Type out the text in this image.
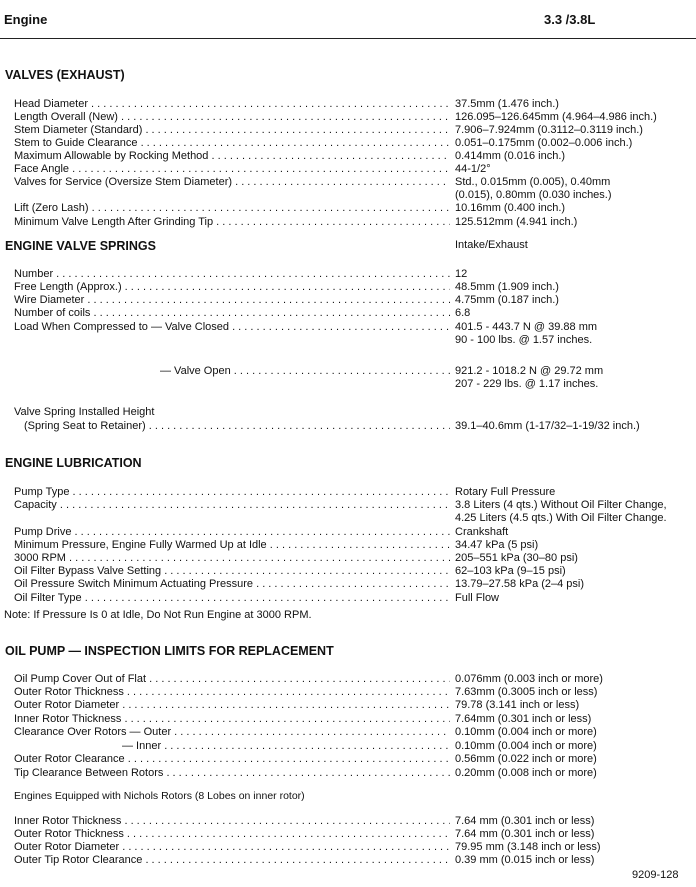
Engine	3.3 /3.8L
VALVES (EXHAUST)
Head Diameter . . .	37.5mm (1.476 inch.)
Length Overall (New) . . .	126.095–126.645mm (4.964–4.986 inch.)
Stem Diameter (Standard) . . .	7.906–7.924mm (0.3112–0.3119 inch.)
Stem to Guide Clearance . . .	0.051–0.175mm (0.002–0.006 inch.)
Maximum Allowable by Rocking Method . . .	0.414mm (0.016 inch.)
Face Angle . . .	44-1/2°
Valves for Service (Oversize Stem Diameter) . . .	Std., 0.015mm (0.005), 0.40mm
(0.015), 0.80mm (0.030 inches.)
Lift (Zero Lash) . . .	10.16mm (0.400 inch.)
Minimum Valve Length After Grinding Tip . . .	125.512mm (4.941 inch.)
ENGINE VALVE SPRINGS	Intake/Exhaust
Number . . .	12
Free Length (Approx.) . . .	48.5mm (1.909 inch.)
Wire Diameter . . .	4.75mm (0.187 inch.)
Number of coils . . .	6.8
Load When Compressed to — Valve Closed . . .	401.5 - 443.7 N @ 39.88 mm
90 - 100 lbs. @ 1.57 inches.
— Valve Open . . .	921.2 - 1018.2 N @ 29.72 mm
207 - 229 lbs. @ 1.17 inches.
Valve Spring Installed Height
(Spring Seat to Retainer) . . .	39.1–40.6mm (1-17/32–1-19/32 inch.)
ENGINE LUBRICATION
Pump Type . . .	Rotary Full Pressure
Capacity . . .	3.8 Liters (4 qts.) Without Oil Filter Change,
4.25 Liters (4.5 qts.) With Oil Filter Change.
Pump Drive . . .	Crankshaft
Minimum Pressure, Engine Fully Warmed Up at Idle . . .	34.47 kPa (5 psi)
3000 RPM . . .	205–551 kPa (30–80 psi)
Oil Filter Bypass Valve Setting . . .	62–103 kPa (9–15 psi)
Oil Pressure Switch Minimum Actuating Pressure . . .	13.79–27.58 kPa (2–4 psi)
Oil Filter Type . . .	Full Flow
Note: If Pressure Is 0 at Idle, Do Not Run Engine at 3000 RPM.
OIL PUMP — INSPECTION LIMITS FOR REPLACEMENT
Oil Pump Cover Out of Flat . . .	0.076mm (0.003 inch or more)
Outer Rotor Thickness . . .	7.63mm (0.3005 inch or less)
Outer Rotor Diameter . . .	79.78 (3.141 inch or less)
Inner Rotor Thickness . . .	7.64mm (0.301 inch or less)
Clearance Over Rotors — Outer . . .	0.10mm (0.004 inch or more)
— Inner . . .	0.10mm (0.004 inch or more)
Outer Rotor Clearance . . .	0.56mm (0.022 inch or more)
Tip Clearance Between Rotors . . .	0.20mm (0.008 inch or more)
Engines Equipped with Nichols Rotors (8 Lobes on inner rotor)
Inner Rotor Thickness . . .	7.64 mm (0.301 inch or less)
Outer Rotor Thickness . . .	7.64 mm (0.301 inch or less)
Outer Rotor Diameter . . .	79.95 mm (3.148 inch or less)
Outer Tip Rotor Clearance . . .	0.39 mm (0.015 inch or less)
9209-128
